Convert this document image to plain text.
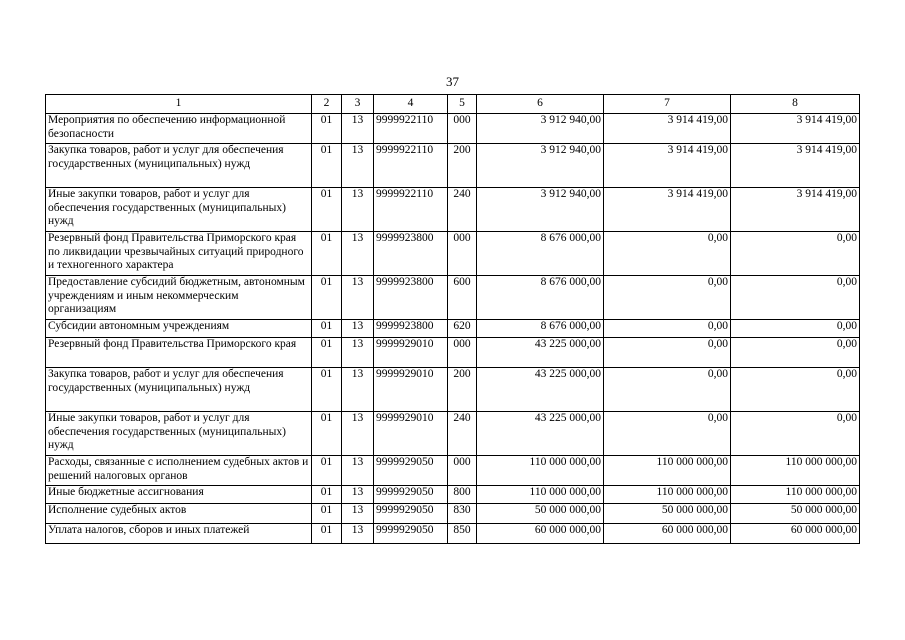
37
1	2	3	4	5	6	7	8
Мероприятия по обеспечению информационной безопасности	01	13	9999922110	000	3 912 940,00	3 914 419,00	3 914 419,00
Закупка товаров, работ и услуг для обеспечения государственных (муниципальных) нужд	01	13	9999922110	200	3 912 940,00	3 914 419,00	3 914 419,00
Иные закупки товаров, работ и услуг для обеспечения государственных (муниципальных) нужд	01	13	9999922110	240	3 912 940,00	3 914 419,00	3 914 419,00
Резервный фонд Правительства Приморского края по ликвидации чрезвычайных ситуаций природного и техногенного характера	01	13	9999923800	000	8 676 000,00	0,00	0,00
Предоставление субсидий бюджетным, автономным учреждениям и иным некоммерческим организациям	01	13	9999923800	600	8 676 000,00	0,00	0,00
Субсидии автономным учреждениям	01	13	9999923800	620	8 676 000,00	0,00	0,00
Резервный фонд Правительства Приморского края	01	13	9999929010	000	43 225 000,00	0,00	0,00
Закупка товаров, работ и услуг для обеспечения государственных (муниципальных) нужд	01	13	9999929010	200	43 225 000,00	0,00	0,00
Иные закупки товаров, работ и услуг для обеспечения государственных (муниципальных) нужд	01	13	9999929010	240	43 225 000,00	0,00	0,00
Расходы, связанные с исполнением судебных актов и решений налоговых органов	01	13	9999929050	000	110 000 000,00	110 000 000,00	110 000 000,00
Иные бюджетные ассигнования	01	13	9999929050	800	110 000 000,00	110 000 000,00	110 000 000,00
Исполнение судебных актов	01	13	9999929050	830	50 000 000,00	50 000 000,00	50 000 000,00
Уплата налогов, сборов и иных платежей	01	13	9999929050	850	60 000 000,00	60 000 000,00	60 000 000,00
